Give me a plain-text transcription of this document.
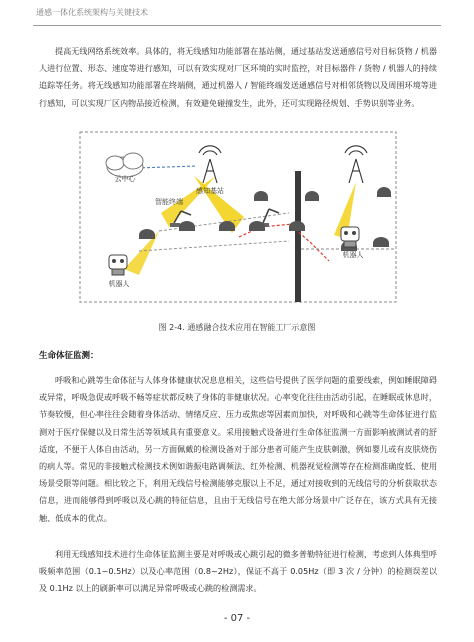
通感一体化系统架构与关键技术

提高无线网络系统效率。具体的，将无线感知功能部署在基站侧，通过基站发送通感信号对目标货物 / 机器人进行位置、形态、速度等进行感知，可以有效实现对厂区环境的实时监控，对目标器件 / 货物 / 机器人的持续追踪等任务。将无线感知功能部署在终端侧，通过机器人 / 智能终端发送通感信号对相邻货物以及周围环境等进行感知，可以实现厂区内物品接近检测，有效避免碰撞发生，此外，还可实现路径规划、手势识别等业务。

云中心
感知基站
智能终端
机器人
机器人
图 2-4. 通感融合技术应用在智能工厂示意图
生命体征监测：

呼吸和心跳等生命体征与人体身体健康状况息息相关，这些信号提供了医学问题的重要线索，例如睡眠障碍或异常，呼吸急促或呼吸不畅等症状都反映了身体的非健康状况。心率变化往往由活动引起，在睡眠或休息时，节奏较慢，但心率往往会随着身体活动、情绪反应、压力或焦虑等因素而加快，对呼吸和心跳等生命体征进行监测对于医疗保健以及日常生活等领域具有重要意义。采用接触式设备进行生命体征监测一方面影响被测试者的舒适度，不便于人体自由活动，另一方面佩戴的检测设备对于部分患者可能产生皮肤刺激，例如婴儿或有皮肤烧伤的病人等。常见的非接触式检测技术例如谐振电路调频法、红外检测、机器视觉检测等存在检测准确度低、使用场景受限等问题。相比较之下，利用无线信号检测能够克服以上不足，通过对接收到的无线信号的分析获取状态信息，进而能够得到呼吸以及心跳的特征信息，且由于无线信号在绝大部分场景中广泛存在，该方式具有无接触、低成本的优点。

利用无线感知技术进行生命体征监测主要是对呼吸或心跳引起的微多普勒特征进行检测，考虑到人体典型呼吸频率范围（0.1~0.5Hz）以及心率范围（0.8~2Hz），保证不高于 0.05Hz（即 3 次 / 分钟）的检测误差以及 0.1Hz 以上的刷新率可以满足异常呼吸或心跳的检测需求。

- 07 -
